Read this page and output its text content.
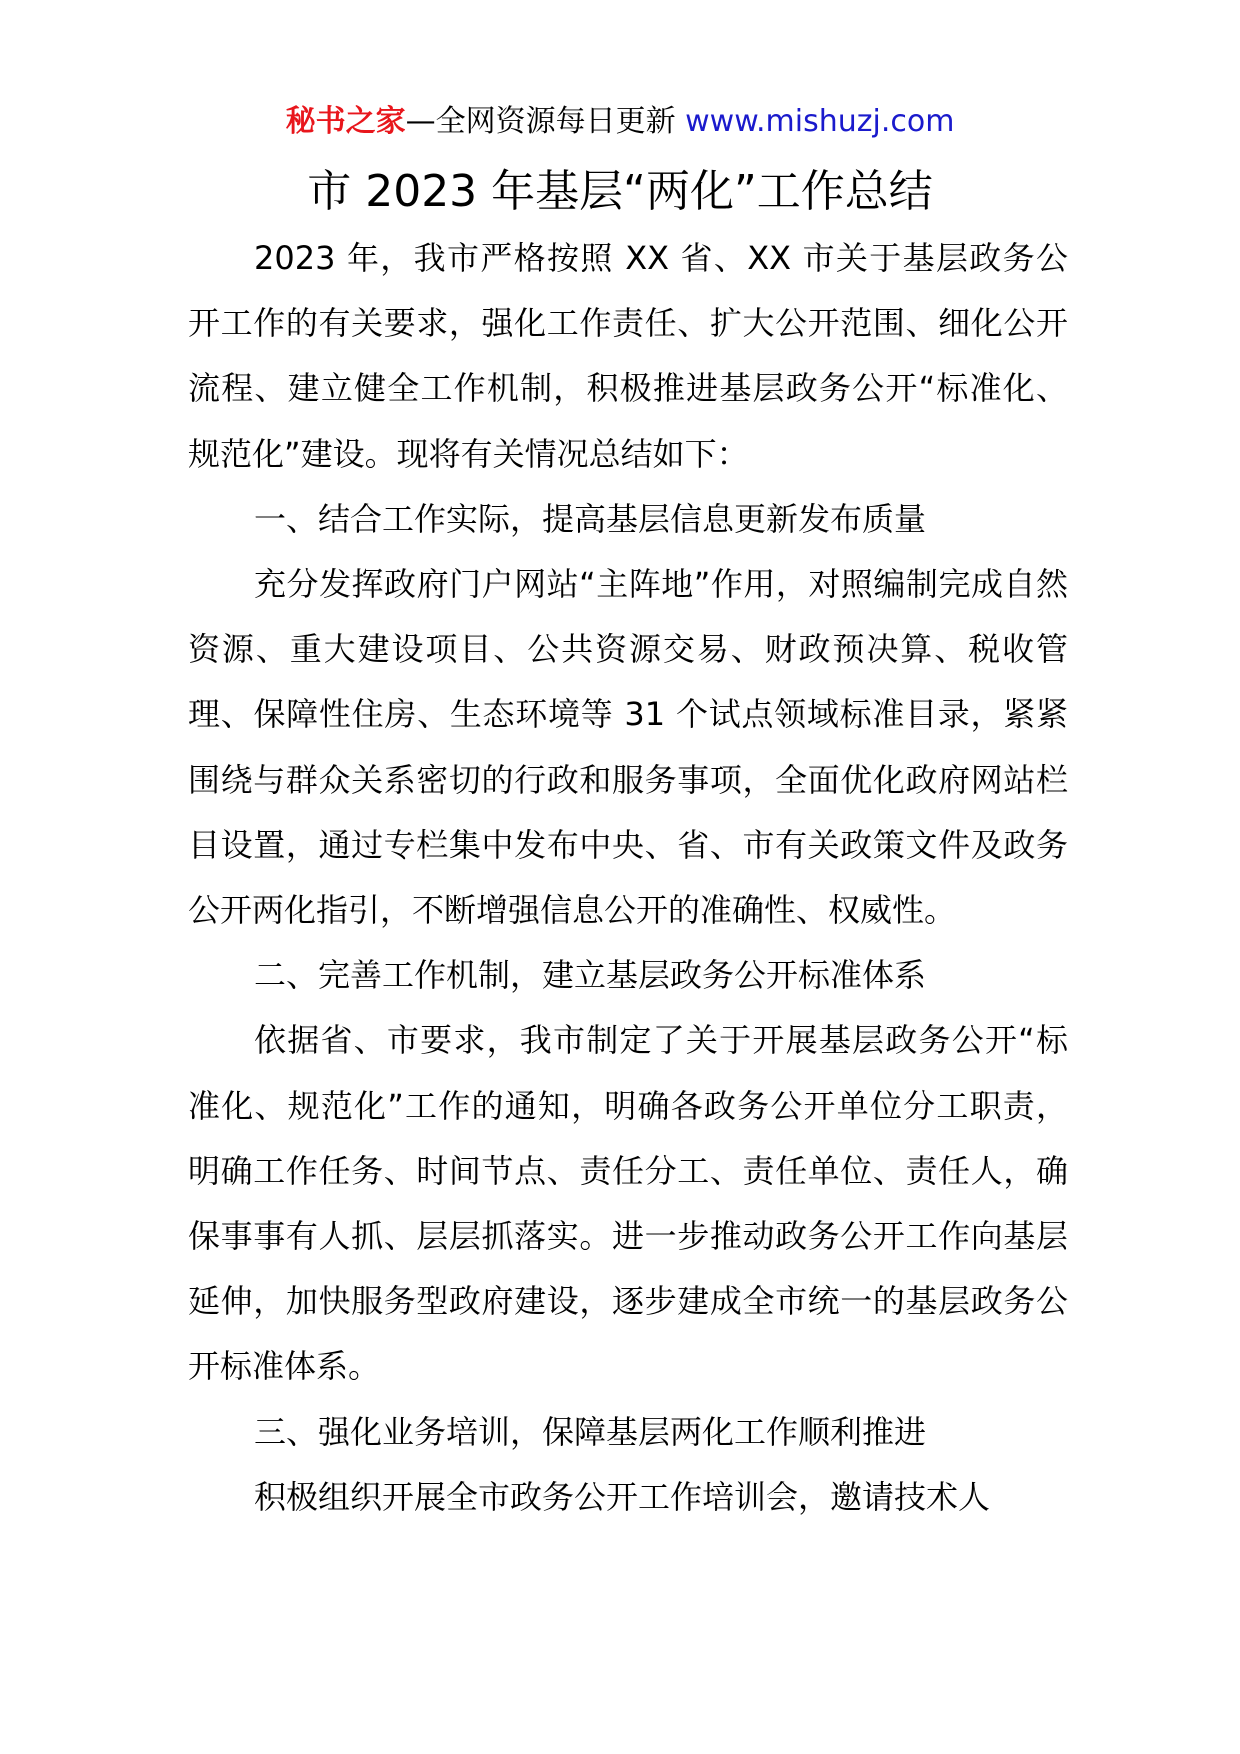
秘书之家—全网资源每日更新 www.mishuzj.com
市 2023 年基层“两化”工作总结

2023 年，我市严格按照 XX 省、XX 市关于基层政务公开工作的有关要求，强化工作责任、扩大公开范围、细化公开流程、建立健全工作机制，积极推进基层政务公开“标准化、规范化”建设。现将有关情况总结如下：

一、结合工作实际，提高基层信息更新发布质量

充分发挥政府门户网站“主阵地”作用，对照编制完成自然资源、重大建设项目、公共资源交易、财政预决算、税收管理、保障性住房、生态环境等 31 个试点领域标准目录，紧紧围绕与群众关系密切的行政和服务事项，全面优化政府网站栏目设置，通过专栏集中发布中央、省、市有关政策文件及政务公开两化指引，不断增强信息公开的准确性、权威性。

二、完善工作机制，建立基层政务公开标准体系

依据省、市要求，我市制定了关于开展基层政务公开“标准化、规范化”工作的通知，明确各政务公开单位分工职责，明确工作任务、时间节点、责任分工、责任单位、责任人，确保事事有人抓、层层抓落实。进一步推动政务公开工作向基层延伸，加快服务型政府建设，逐步建成全市统一的基层政务公开标准体系。

三、强化业务培训，保障基层两化工作顺利推进

积极组织开展全市政务公开工作培训会，邀请技术人
